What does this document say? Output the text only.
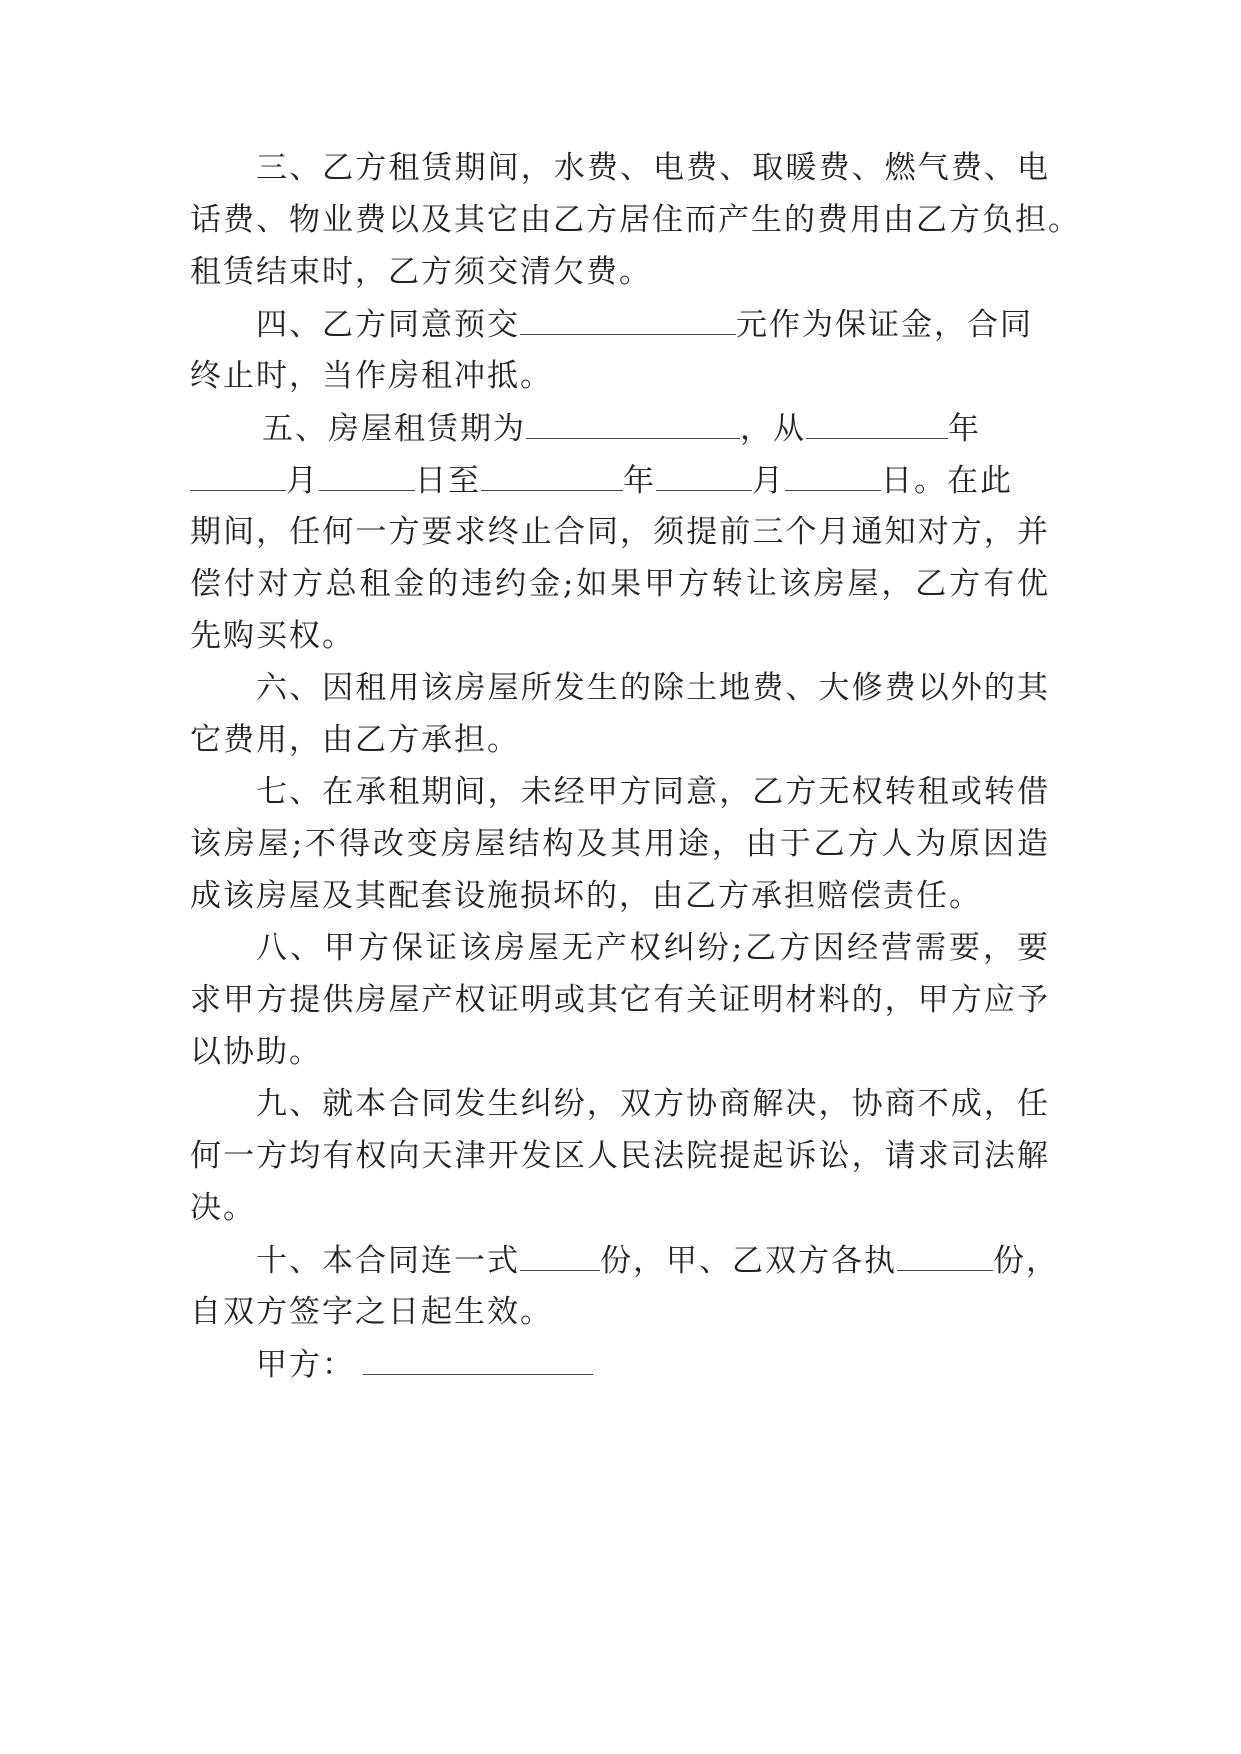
三、乙方租赁期间，水费、电费、取暖费、燃气费、电
话费、物业费以及其它由乙方居住而产生的费用由乙方负担。
租赁结束时，乙方须交清欠费。
四、乙方同意预交	元作为保证金，合同
终止时，当作房租冲抵。
五、房屋租赁期为	，从	年
月	日至	年	月	日。在此
期间，任何一方要求终止合同，须提前三个月通知对方，并
偿付对方总租金的违约金;如果甲方转让该房屋，乙方有优
先购买权。
六、因租用该房屋所发生的除土地费、大修费以外的其
它费用，由乙方承担。
七、在承租期间，未经甲方同意，乙方无权转租或转借
该房屋;不得改变房屋结构及其用途，由于乙方人为原因造
成该房屋及其配套设施损坏的，由乙方承担赔偿责任。
八、甲方保证该房屋无产权纠纷;乙方因经营需要，要
求甲方提供房屋产权证明或其它有关证明材料的，甲方应予
以协助。
九、就本合同发生纠纷，双方协商解决，协商不成，任
何一方均有权向天津开发区人民法院提起诉讼，请求司法解
决。
十、本合同连一式	份，甲、乙双方各执	份，
自双方签字之日起生效。
甲方：
